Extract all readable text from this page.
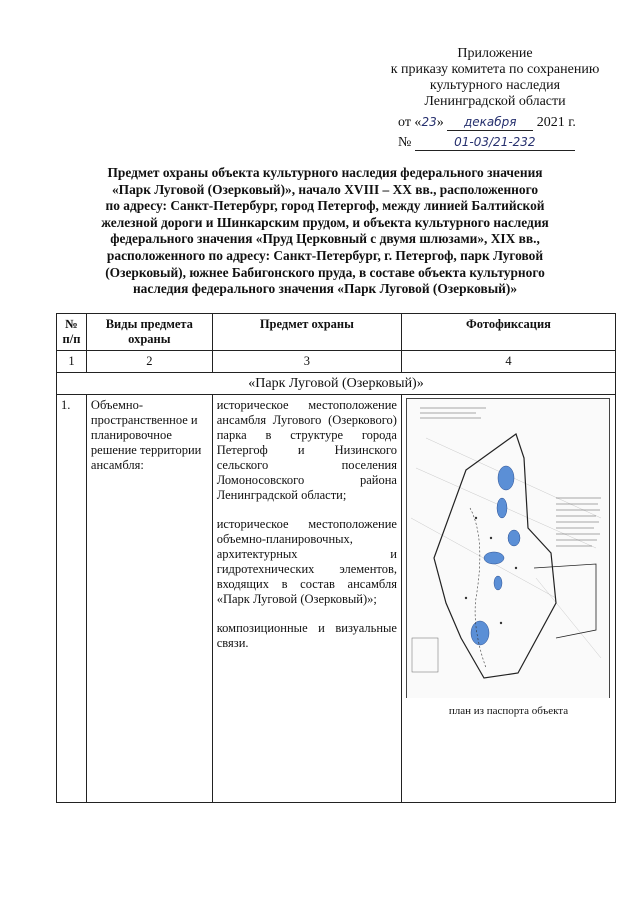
Приложение
к приказу комитета по сохранению
культурного наследия
Ленинградской области
от «23» декабря 2021 г.
№	01-03/21-232
Предмет охраны объекта культурного наследия федерального значения
«Парк Луговой (Озерковый)», начало XVIII – XX вв., расположенного
по адресу: Санкт-Петербург, город Петергоф, между линией Балтийской
железной дороги и Шинкарским прудом, и объекта культурного наследия
федерального значения «Пруд Церковный с двумя шлюзами», XIX вв.,
расположенного по адресу: Санкт-Петербург, г. Петергоф, парк Луговой
(Озерковый), южнее Бабигонского пруда, в составе объекта культурного
наследия федерального значения «Парк Луговой (Озерковый)»
№ п/п	Виды предмета охраны	Предмет охраны	Фотофиксация
1	2	3	4
«Парк Луговой (Озерковый)»			
1.	Объемно-пространственное и планировочное решение территории ансамбля:	историческое местоположение ансамбля Лугового (Озеркового) парка в структуре города Петергоф и Низинского сельского поселения Ломоносовского района Ленинградской области;

историческое местоположение объемно-планировочных, архитектурных и гидротехнических элементов, входящих в состав ансамбля «Парк Луговой (Озерковый)»;

композиционные и визуальные связи.	план из паспорта объекта
